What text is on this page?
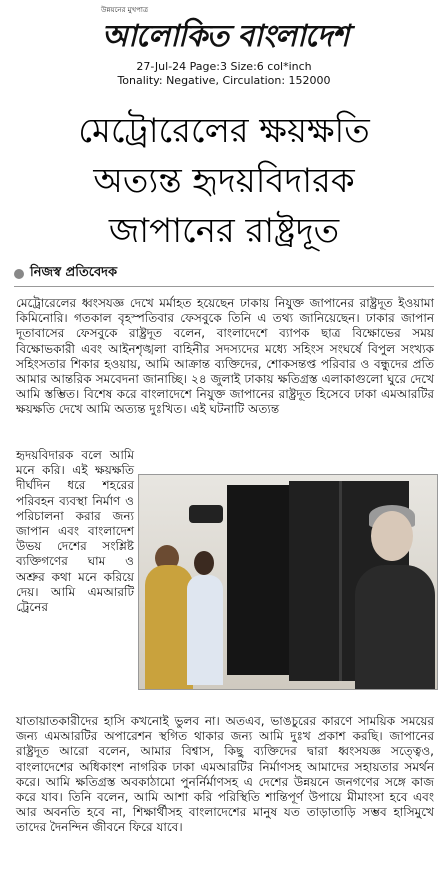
উন্নয়নের মুখপাত্র
আলোকিত বাংলাদেশ
27-Jul-24 Page:3 Size:6 col*inch
Tonality: Negative, Circulation: 152000
মেট্রোরেলের ক্ষয়ক্ষতি
অত্যন্ত হৃদয়বিদারক
জাপানের রাষ্ট্রদূত
নিজস্ব প্রতিবেদক
মেট্রোরেলের ধ্বংসযজ্ঞ দেখে মর্মাহত হয়েছেন ঢাকায় নিযুক্ত জাপানের রাষ্ট্রদূত ইওয়ামা কিমিনোরি। গতকাল বৃহস্পতিবার ফেসবুকে তিনি এ তথ্য জানিয়েছেন। ঢাকার জাপান দূতাবাসের ফেসবুকে রাষ্ট্রদূত বলেন, বাংলাদেশে ব্যাপক ছাত্র বিক্ষোভের সময় বিক্ষোভকারী এবং আইনশৃঙ্খলা বাহিনীর সদস্যদের মধ্যে সহিংস সংঘর্ষে বিপুল সংখ্যক সহিংসতার শিকার হওয়ায়, আমি আক্রান্ত ব্যক্তিদের, শোকসন্তপ্ত পরিবার ও বন্ধুদের প্রতি আমার আন্তরিক সমবেদনা জানাচ্ছি। ২৪ জুলাই ঢাকায় ক্ষতিগ্রস্ত এলাকাগুলো ঘুরে দেখে আমি স্তম্ভিত। বিশেষ করে বাংলাদেশে নিযুক্ত জাপানের রাষ্ট্রদূত হিসেবে ঢাকা এমআরটির ক্ষয়ক্ষতি দেখে আমি অত্যন্ত দুঃখিত। এই ঘটনাটি অত্যন্ত
হৃদয়বিদারক বলে আমি মনে করি। এই ক্ষয়ক্ষতি দীর্ঘদিন ধরে শহরের পরিবহন ব্যবস্থা নির্মাণ ও পরিচালনা করার জন্য জাপান এবং বাংলাদেশ উভয় দেশের সংশ্লিষ্ট ব্যক্তিগণের ঘাম ও অশ্রুর কথা মনে করিয়ে দেয়। আমি এমআরটি ট্রেনের
যাতায়াতকারীদের হাসি কখনোই ভুলব না। অতএব, ভাঙচুরের কারণে সাময়িক সময়ের জন্য এমআরটির অপারেশন স্থগিত থাকার জন্য আমি দুঃখ প্রকাশ করছি। জাপানের রাষ্ট্রদূত আরো বলেন, আমার বিশ্বাস, কিছু ব্যক্তিদের দ্বারা ধ্বংসযজ্ঞ সত্ত্বেও, বাংলাদেশের অধিকাংশ নাগরিক ঢাকা এমআরটির নির্মাণসহ আমাদের সহায়তার সমর্থন করে। আমি ক্ষতিগ্রস্ত অবকাঠামো পুনর্নির্মাণসহ এ দেশের উন্নয়নে জনগণের সঙ্গে কাজ করে যাব। তিনি বলেন, আমি আশা করি পরিস্থিতি শান্তিপূর্ণ উপায়ে মীমাংসা হবে এবং আর অবনতি হবে না, শিক্ষার্থীসহ বাংলাদেশের মানুষ যত তাড়াতাড়ি সম্ভব হাসিমুখে তাদের দৈনন্দিন জীবনে ফিরে যাবে।
